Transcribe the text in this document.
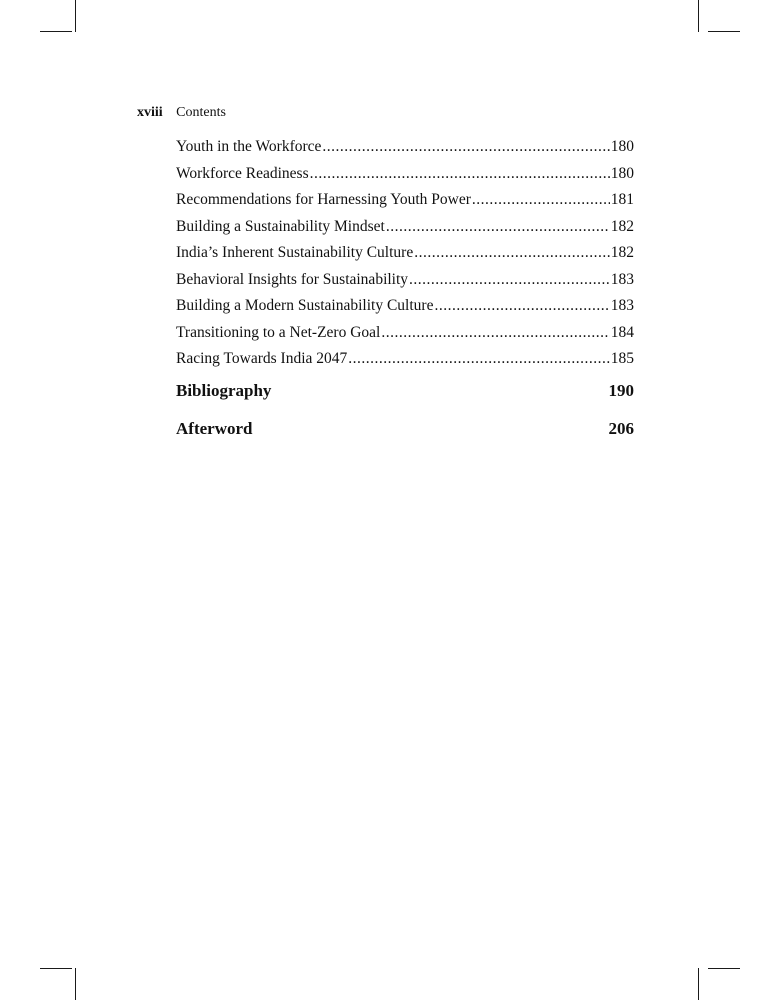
xviii Contents
Youth in the Workforce .....	180
Workforce Readiness .....	180
Recommendations for Harnessing Youth Power .....	181
Building a Sustainability Mindset .....	182
India’s Inherent Sustainability Culture .....	182
Behavioral Insights for Sustainability .....	183
Building a Modern Sustainability Culture .....	183
Transitioning to a Net-Zero Goal .....	184
Racing Towards India 2047 .....	185
Bibliography	190
Afterword	206
